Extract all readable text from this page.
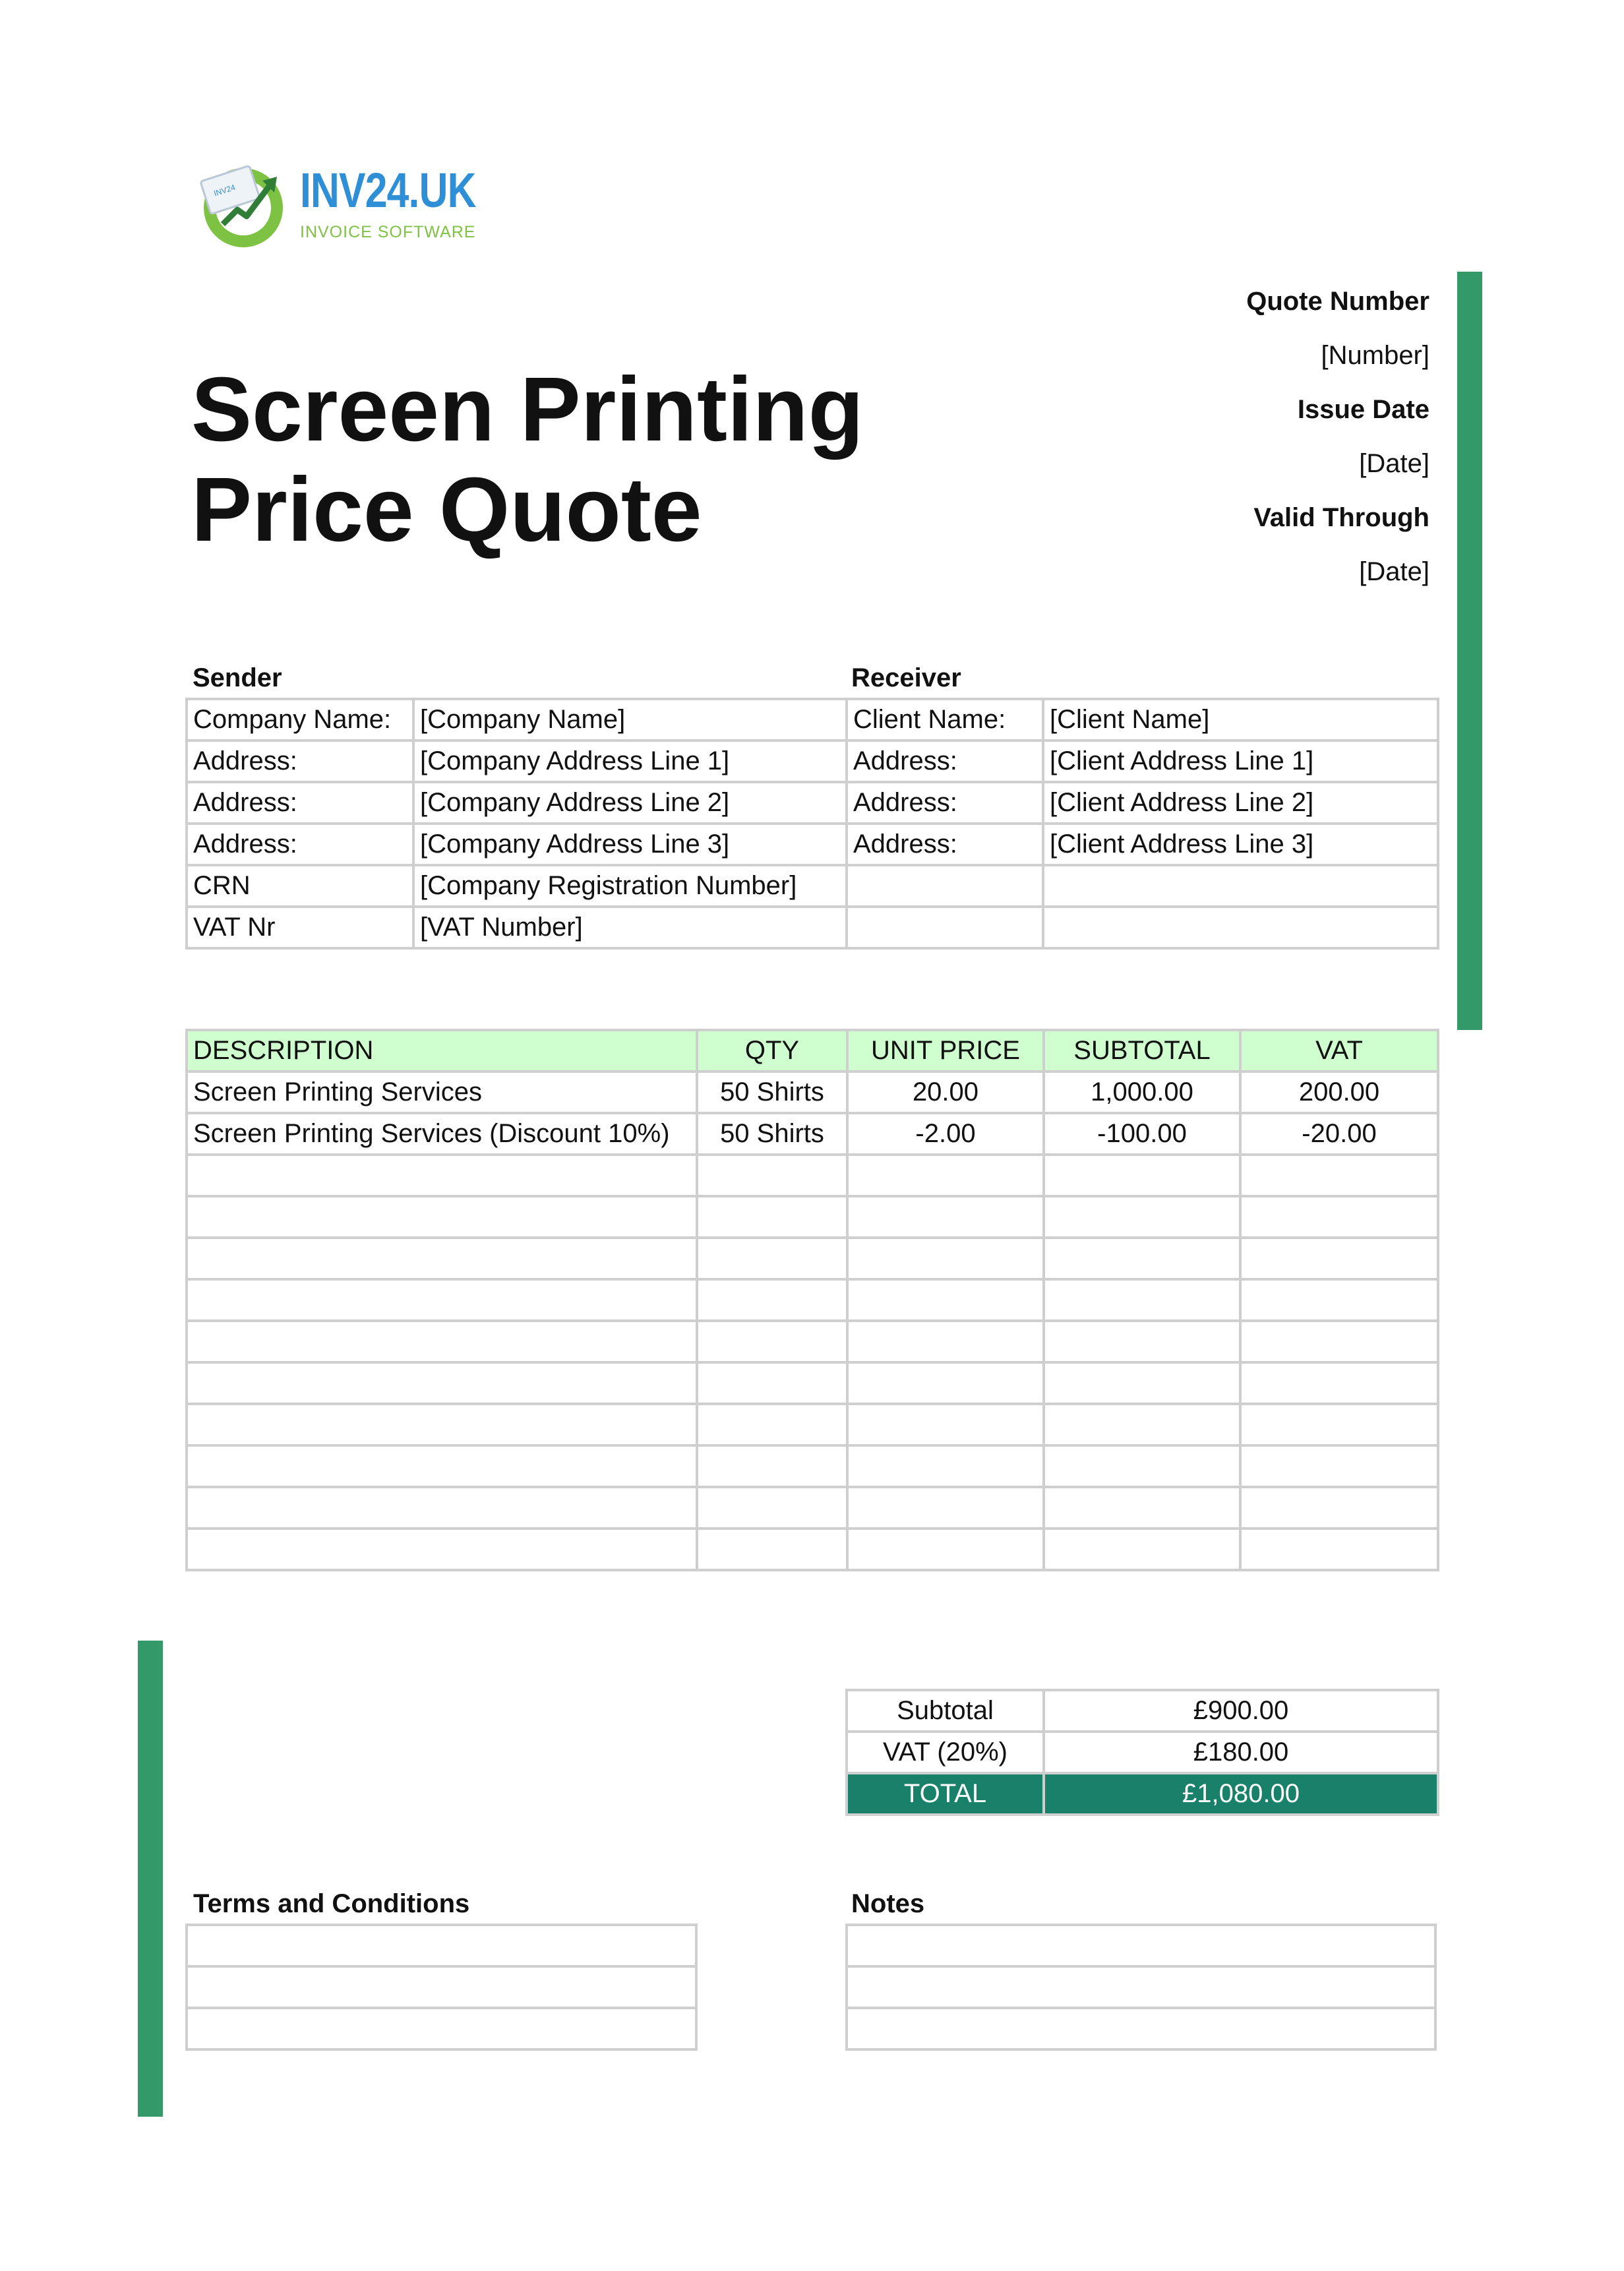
INV24 INV24.UK
INVOICE SOFTWARE
Screen Printing
Price Quote
Quote Number
[Number]
Issue Date
[Date]
Valid Through
[Date]
Sender	Receiver
Company Name:	[Company Name]	Client Name:	[Client Name]
Address:	[Company Address Line 1]	Address:	[Client Address Line 1]
Address:	[Company Address Line 2]	Address:	[Client Address Line 2]
Address:	[Company Address Line 3]	Address:	[Client Address Line 3]
CRN	[Company Registration Number]		
VAT Nr	[VAT Number]		
DESCRIPTION	QTY	UNIT PRICE	SUBTOTAL	VAT
Screen Printing Services	50 Shirts	20.00	1,000.00	200.00
Screen Printing Services (Discount 10%)	50 Shirts	-2.00	-100.00	-20.00

Subtotal	£900.00
VAT (20%)	£180.00
TOTAL	£1,080.00
Terms and Conditions	Notes
